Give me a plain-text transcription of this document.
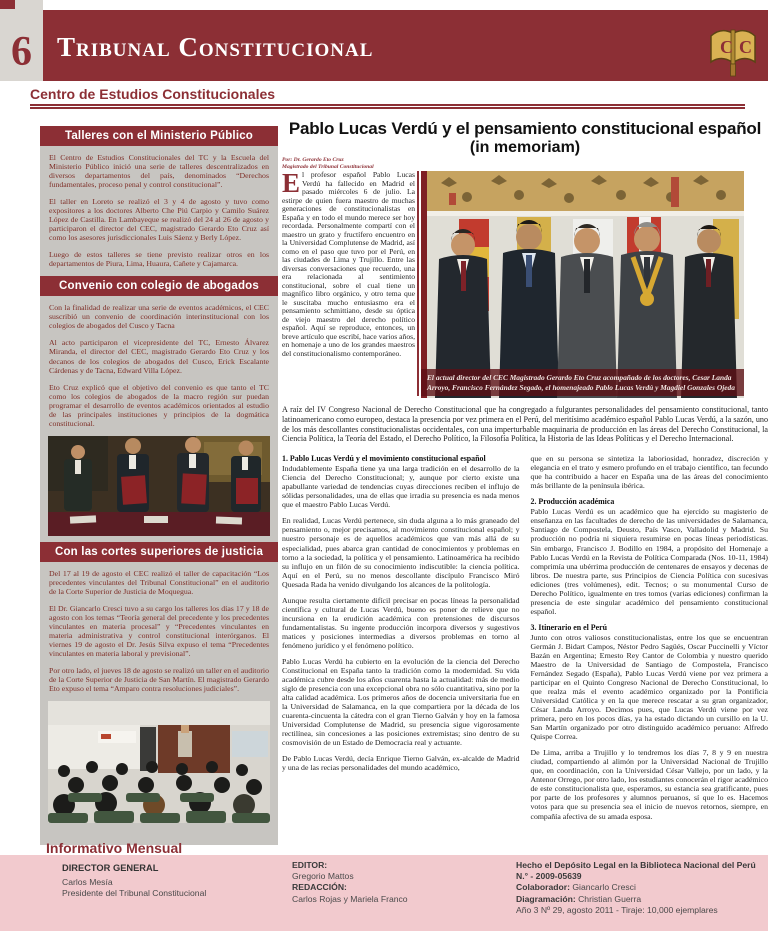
6 Tribunal Constitucional	C C
Centro de Estudios Constitucionales
Talleres con el Ministerio Público

El Centro de Estudios Constitucionales del TC y la Escuela del Ministerio Público inició una serie de talleres descentralizados en diversos departamentos del país, denominados “Derechos fundamentales, proceso penal y control constitucional”.

El taller en Loreto se realizó el 3 y 4 de agosto y tuvo como expositores a los doctores Alberto Che Piú Carpio y Camilo Suárez López de Castilla. En Lambayeque se realizó del 24 al 26 de agosto y participaron el director del CEC, magistrado Gerardo Eto Cruz así como los asesores jurisdiccionales Luis Sáenz y Berly López.

Luego de estos talleres se tiene previsto realizar otros en los departamentos de Piura, Lima, Huaura, Cañete y Cajamarca.

Convenio con colegio de abogados

Con la finalidad de realizar una serie de eventos académicos, el CEC suscribió un convenio de coordinación interinstitucional con los colegios de abogados del Cusco y Tacna

Al acto participaron el vicepresidente del TC, Ernesto Álvarez Miranda, el director del CEC, magistrado Gerardo Eto Cruz y los decanos de los colegios de abogados del Cusco, Erick Escalante Cárdenas y de Tacna, Edward Villa López.

Eto Cruz explicó que el objetivo del convenio es que tanto el TC como los colegios de abogados de la macro región sur puedan programar el desarrollo de eventos académicos orientados al estudio de las principales instituciones y principios de la dogmática constitucional.

Con las cortes superiores de justicia

Del 17 al 19 de agosto el CEC realizó el taller de capacitación “Los precedentes vinculantes del Tribunal Constitucional” en el auditorio de la Corte Superior de Justicia de Moquegua.

El Dr. Giancarlo Cresci tuvo a su cargo los talleres los días 17 y 18 de agosto con los temas “Teoría general del precedente y los precedentes vinculantes en materia procesal” y “Precedentes vinculantes en materia administrativa y control constitucional interórganos. El viernes 19 de agosto el Dr. Jesús Silva expuso el tema “Precedentes vinculantes en materia laboral y previsional”.

Por otro lado, el jueves 18 de agosto se realizó un taller en el auditorio de la Corte Superior de Justicia de San Martín. El magistrado Gerardo Eto expuso el tema “Amparo contra resoluciones judiciales”.

Pablo Lucas Verdú y el pensamiento constitucional español
(in memoriam)
Por: Dr. Gerardo Eto Cruz
Magistrado del Tribunal Constitucional
El profesor español Pablo Lucas Verdú ha fallecido en Madrid el pasado miércoles 6 de julio. La estirpe de quien fuera maestro de muchas generaciones de constitucionalistas en España y en todo el mundo merece ser hoy recordada. Personalmente compartí con el maestro un grato y fructífero encuentro en la Universidad Complutense de Madrid, así como en el paso que tuvo por el Perú, en las ciudades de Lima y Trujillo. Entre las diversas conversaciones que recuerdo, una era relacionada al sentimiento constitucional, sobre el cual tiene un magnífico libro orgánico, y otro tema que le suscitaba mucho entusiasmo era el pensamiento schmittiano, desde su óptica de viejo maestro del derecho político español. Aquí se reproduce, entonces, un breve artículo que escribí, hace varios años, en homenaje a uno de los grandes maestros del constitucionalismo contemporáneo.
El actual director del CEC Magistrado Gerardo Eto Cruz acompañado de los doctores, Cesar Landa Arroyo, Francisco Fernández Segado, el homenajeado Pablo Lucas Verdú y Magdiel Gonzales Ojeda
A raíz del IV Congreso Nacional de Derecho Constitucional que ha congregado a fulgurantes personalidades del pensamiento constitucional, tanto latinoamericano como europeo, destaca la presencia por vez primera en el Perú, del meritísimo académico español Pablo Lucas Verdú, a la sazón, uno de los más descollantes constitucionalistas occidentales, con una imperturbable maquinaria de producción en las áreas del Derecho Constitucional, la Ciencia Política, la Teoría del Estado, el Derecho Político, la Filosofía Política, la Historia de las Ideas Políticas y el Derecho Internacional.
1. Pablo Lucas Verdú y el movimiento constitucional español

Indudablemente España tiene ya una larga tradición en el desarrollo de la Ciencia del Derecho Constitucional; y, aunque por cierto existe una apabullante variedad de tendencias cuyas direcciones reciben el influjo de sólidas personalidades, una de ellas que irradia su presencia es nada menos que el maestro Pablo Lucas Verdú.

En realidad, Lucas Verdú pertenece, sin duda alguna a lo más graneado del pensamiento o, mejor precisamos, al movimiento constitucional español; y nuestro personaje es de aquellos académicos que van más allá de su especialidad, pues abarca gran cantidad de conocimientos y problemas en torno a la sociedad, la política y el pensamiento. Latinoamérica ha recibido su influjo en un filón de su conocimiento indiscutible: la ciencia política. Aquí en el Perú, su no menos descollante discípulo Francisco Miró Quesada Rada ha venido divulgando los alcances de la politología.

Aunque resulta ciertamente difícil precisar en pocas líneas la personalidad científica y cultural de Lucas Verdú, bueno es poner de relieve que no incursiona en la erudición académica con pretensiones de discursos fundamentalistas. Su ingente producción incorpora diversos y sugestivos matices y posiciones intermedias a diversos problemas en torno al fenómeno jurídico y el fenómeno político.

Pablo Lucas Verdú ha cubierto en la evolución de la ciencia del Derecho Constitucional en España tanto la tradición como la modernidad. Su vida académica cubre desde los años cuarenta hasta la actualidad: más de medio siglo de presencia con una excepcional obra no sólo cuantitativa, sino por la alta calidad académica. Los primeros años de docencia universitaria fue en la Universidad de Salamanca, en la que compartiera por la década de los cuarenta-cincuenta la cátedra con el gran Tierno Galván y hoy en la famosa Universidad Complutense de Madrid, su presencia sigue vigorosamente rectilínea, sin concesiones a las posiciones extremistas; sino dentro de su cosmovisión de un Estado de Democracia real y actuante.

De Pablo Lucas Verdú, decía Enrique Tierno Galván, ex-alcalde de Madrid y una de las recias personalidades del mundo académico,

que en su persona se sintetiza la laboriosidad, honradez, discreción y elegancia en el trato y esmero profundo en el trabajo científico, tan fecundo que ha contribuido a hacer en España una de las áreas del conocimiento más brillante de la península ibérica.

2. Producción académica

Pablo Lucas Verdú es un académico que ha ejercido su magisterio de enseñanza en las facultades de derecho de las universidades de Salamanca, Santiago de Compostela, Deusto, País Vasco, Valladolid y Madrid. Su producción no podría ni siquiera resumirse en pocas líneas periodísticas. Sin embargo, Francisco J. Bodillo en 1984, a propósito del Homenaje a Pablo Lucas Verdú en la Revista de Política Comparada (Nos. 10-11, 1984) comprimía una ubérrima producción de centenares de ensayos y decenas de libros. De nuestra parte, sus Principios de Ciencia Política con sucesivas ediciones (tres volúmenes), edit. Tecnos; o su monumental Curso de Derecho Político, igualmente en tres tomos (varias ediciones) confirman la presencia de este singular académico del pensamiento constitucional español.

3. Itinerario en el Perú

Junto con otros valiosos constitucionalistas, entre los que se encuentran Germán J. Bidart Campos, Néstor Pedro Sagüés, Oscar Puccinelli y Víctor Bazán en Argentina; Ernesto Rey Cantor de Colombia y nuestro querido Maestro de la Universidad de Santiago de Compostela, Francisco Fernández Segado (España), Pablo Lucas Verdú viene por vez primera a participar en el Quinto Congreso Nacional de Derecho Constitucional, lo que realza más el evento académico organizado por la Pontificia Universidad Católica y en la que merece rescatar a su gran organizador, César Landa Arroyo. Decimos pues, que Lucas Verdú viene por vez primera, pero en los pocos días, ya ha estado dictando un cursillo en la U. San Martín organizado por otro distinguido académico peruano: Alfredo Quispe Correa.

De Lima, arriba a Trujillo y lo tendremos los días 7, 8 y 9 en nuestra ciudad, compartiendo al alimón por la Universidad Nacional de Trujillo que, en coordinación, con la Universidad César Vallejo, por un lado, y la Antenor Orrego, por otro lado, los estudiantes conocerán el rigor académico de este constitucionalista que, esperamos, su estancia sea gratificante, pues por parte de los profesores y alumnos peruanos, sí que lo es. Hacemos votos para que su presencia sea el inicio de nuevos retornos, siempre, en compañía afectiva de su amada esposa.

Informativo Mensual
DIRECTOR GENERAL
Carlos Mesía
Presidente del Tribunal Constitucional
EDITOR:
Gregorio Mattos
REDACCIÓN:
Carlos Rojas y Mariela Franco
Hecho el Depósito Legal en la Biblioteca Nacional del Perú
N.° - 2009-05639
Colaborador: Giancarlo Cresci
Diagramación: Christian Guerra
Año 3 Nº 29, agosto 2011 - Tiraje: 10,000 ejemplares
